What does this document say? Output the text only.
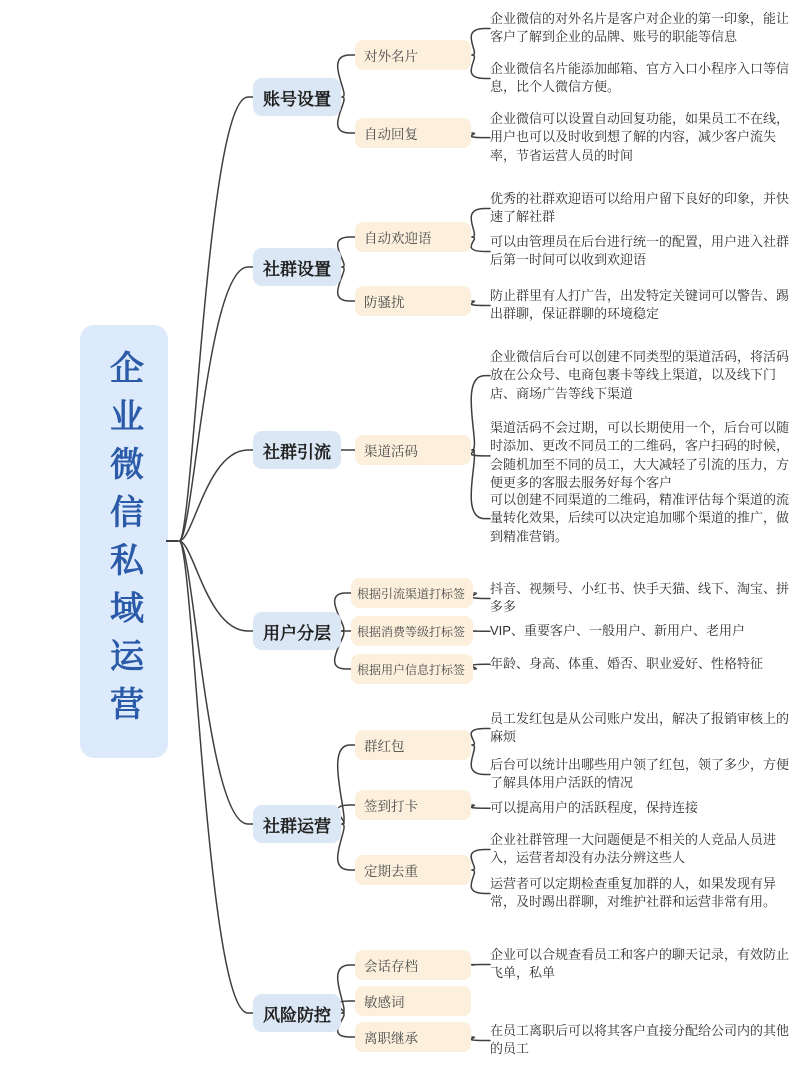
企业微信私域运营
账号设置
社群设置
社群引流
用户分层
社群运营
风险防控
对外名片
自动回复
自动欢迎语
防骚扰
渠道活码
根据引流渠道打标签
根据消费等级打标签
根据用户信息打标签
群红包
签到打卡
定期去重
会话存档
敏感词
离职继承
企业微信的对外名片是客户对企业的第一印象，能让客户了解到企业的品牌、账号的职能等信息
企业微信名片能添加邮箱、官方入口小程序入口等信息，比个人微信方便。
企业微信可以设置自动回复功能，如果员工不在线，用户也可以及时收到想了解的内容，减少客户流失率，节省运营人员的时间
优秀的社群欢迎语可以给用户留下良好的印象，并快速了解社群
可以由管理员在后台进行统一的配置，用户进入社群后第一时间可以收到欢迎语
防止群里有人打广告，出发特定关键词可以警告、踢出群聊，保证群聊的环境稳定
企业微信后台可以创建不同类型的渠道活码，将活码放在公众号、电商包裹卡等线上渠道，以及线下门店、商场广告等线下渠道
渠道活码不会过期，可以长期使用一个，后台可以随时添加、更改不同员工的二维码，客户扫码的时候，会随机加至不同的员工，大大减轻了引流的压力，方便更多的客服去服务好每个客户
可以创建不同渠道的二维码，精准评估每个渠道的流量转化效果，后续可以决定追加哪个渠道的推广，做到精准营销。
抖音、视频号、小红书、快手天猫、线下、淘宝、拼多多
VIP、重要客户、一般用户、新用户、老用户
年龄、身高、体重、婚否、职业爱好、性格特征
员工发红包是从公司账户发出，解决了报销审核上的麻烦
后台可以统计出哪些用户领了红包，领了多少，方便了解具体用户活跃的情况
可以提高用户的活跃程度，保持连接
企业社群管理一大问题便是不相关的人竞品人员进入，运营者却没有办法分辨这些人
运营者可以定期检查重复加群的人，如果发现有异常，及时踢出群聊，对维护社群和运营非常有用。
企业可以合规查看员工和客户的聊天记录，有效防止飞单，私单
在员工离职后可以将其客户直接分配给公司内的其他的员工
